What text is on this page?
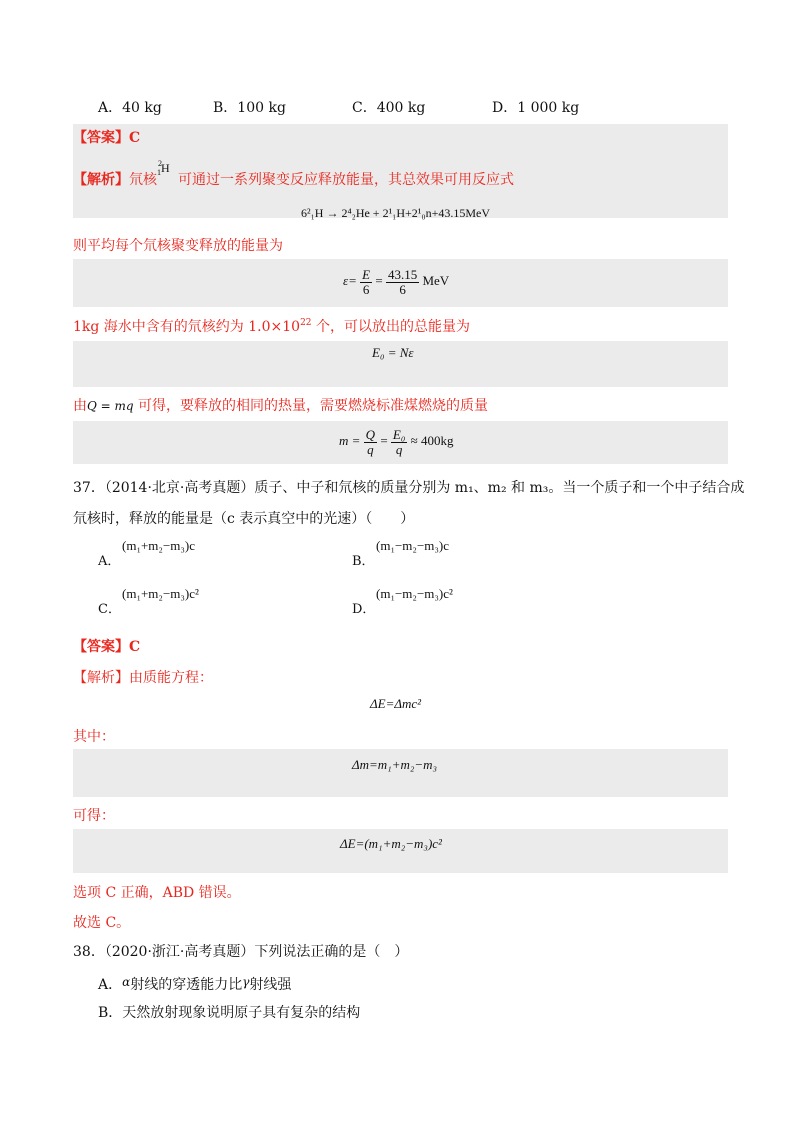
A．40 kg	B．100 kg	C．400 kg	D．1 000 kg
【答案】C
【解析】氘核
$^2_1$H
可通过一系列聚变反应释放能量，其总效果可用反应式
6²₁H → 2⁴₂He + 2¹₁H+2¹₀n+43.15MeV
则平均每个氘核聚变释放的能量为
$\varepsilon= \frac{E}{6} = \frac{43.15}{6}$ MeV
1kg 海水中含有的氘核约为 $1.0\times 10^{22}$ 个，可以放出的总能量为
E₀ = Nε
由Q = mq 可得，要释放的相同的热量，需要燃烧标准煤燃烧的质量
$m = \frac{Q}{q} = \frac{\text{E₀}}{q} \approx 400kg$
37．（2014·北京·高考真题）质子、中子和氘核的质量分别为 m₁、m₂ 和 m₃。当一个质子和一个中子结合成
氘核时，释放的能量是（c 表示真空中的光速）（　　）
A．
(m₁+m₂−m₃)c
B．
(m₁−m₂−m₃)c
C．
(m₁+m₂−m₃)c²
D．
(m₁−m₂−m₃)c²
【答案】C
【解析】由质能方程：
ΔE=Δmc²
其中：
Δm=m₁+m₂−m₃
可得：
ΔE=(m₁+m₂−m₃)c²
选项 C 正确，ABD 错误。
故选 C。
38．（2020·浙江·高考真题）下列说法正确的是（　）
A．α射线的穿透能力比γ射线强
B．天然放射现象说明原子具有复杂的结构
